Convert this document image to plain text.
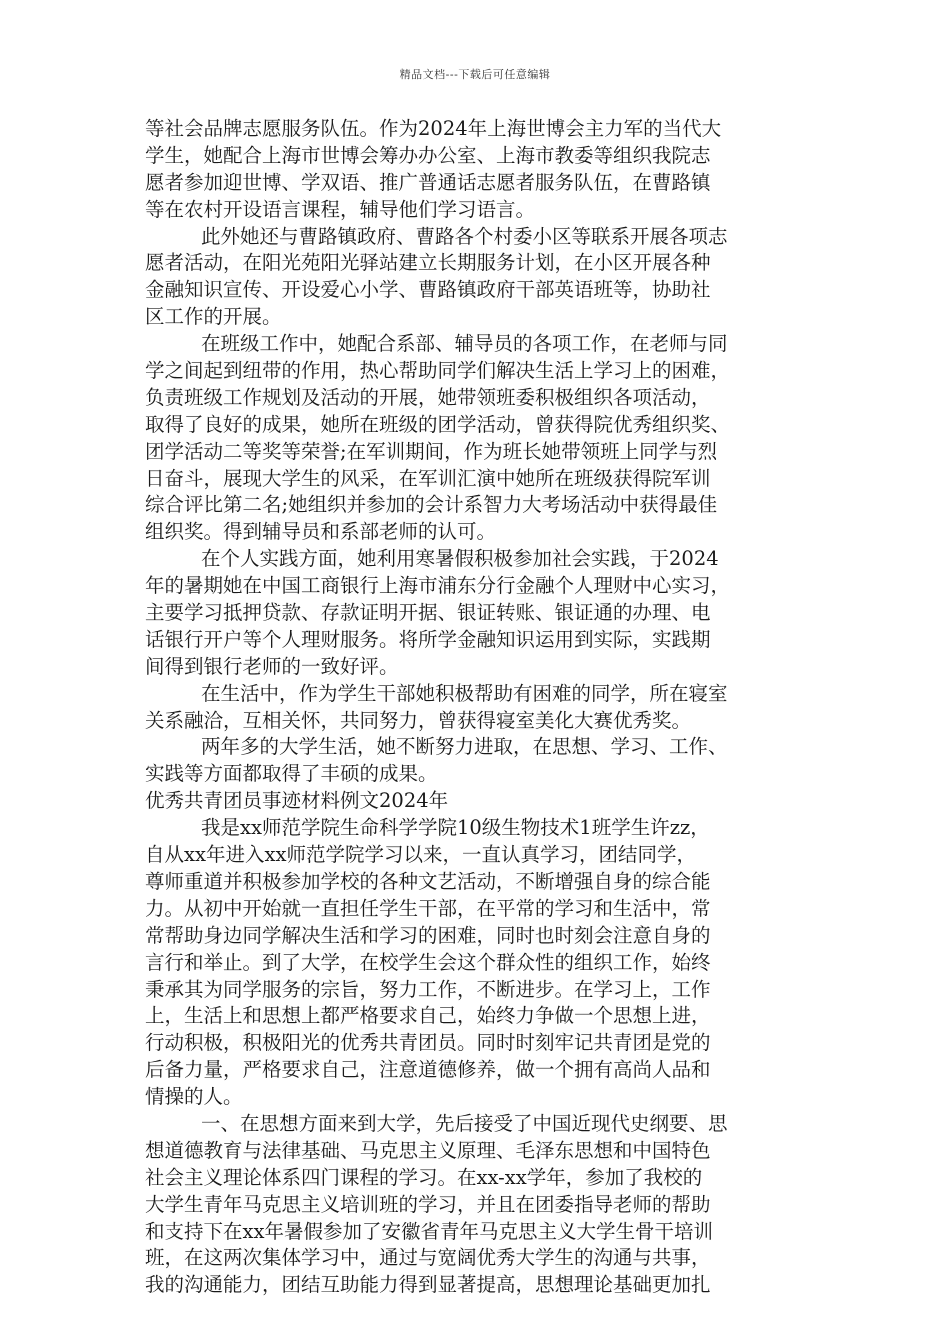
精品文档---下载后可任意编辑
等社会品牌志愿服务队伍。作为2024年上海世博会主力军的当代大
学生，她配合上海市世博会筹办办公室、上海市教委等组织我院志
愿者参加迎世博、学双语、推广普通话志愿者服务队伍，在曹路镇
等在农村开设语言课程，辅导他们学习语言。
此外她还与曹路镇政府、曹路各个村委小区等联系开展各项志
愿者活动，在阳光苑阳光驿站建立长期服务计划，在小区开展各种
金融知识宣传、开设爱心小学、曹路镇政府干部英语班等，协助社
区工作的开展。
在班级工作中，她配合系部、辅导员的各项工作，在老师与同
学之间起到纽带的作用，热心帮助同学们解决生活上学习上的困难，
负责班级工作规划及活动的开展，她带领班委积极组织各项活动，
取得了良好的成果，她所在班级的团学活动，曾获得院优秀组织奖、
团学活动二等奖等荣誉;在军训期间，作为班长她带领班上同学与烈
日奋斗，展现大学生的风采，在军训汇演中她所在班级获得院军训
综合评比第二名;她组织并参加的会计系智力大考场活动中获得最佳
组织奖。得到辅导员和系部老师的认可。
在个人实践方面，她利用寒暑假积极参加社会实践，于2024
年的暑期她在中国工商银行上海市浦东分行金融个人理财中心实习，
主要学习抵押贷款、存款证明开据、银证转账、银证通的办理、电
话银行开户等个人理财服务。将所学金融知识运用到实际，实践期
间得到银行老师的一致好评。
在生活中，作为学生干部她积极帮助有困难的同学，所在寝室
关系融洽，互相关怀，共同努力，曾获得寝室美化大赛优秀奖。
两年多的大学生活，她不断努力进取，在思想、学习、工作、
实践等方面都取得了丰硕的成果。
优秀共青团员事迹材料例文2024年
我是xx师范学院生命科学学院10级生物技术1班学生许zz，
自从xx年进入xx师范学院学习以来，一直认真学习，团结同学，
尊师重道并积极参加学校的各种文艺活动，不断增强自身的综合能
力。从初中开始就一直担任学生干部，在平常的学习和生活中，常
常帮助身边同学解决生活和学习的困难，同时也时刻会注意自身的
言行和举止。到了大学，在校学生会这个群众性的组织工作，始终
秉承其为同学服务的宗旨，努力工作，不断进步。在学习上，工作
上，生活上和思想上都严格要求自己，始终力争做一个思想上进，
行动积极，积极阳光的优秀共青团员。同时时刻牢记共青团是党的
后备力量，严格要求自己，注意道德修养，做一个拥有高尚人品和
情操的人。
一、在思想方面来到大学，先后接受了中国近现代史纲要、思
想道德教育与法律基础、马克思主义原理、毛泽东思想和中国特色
社会主义理论体系四门课程的学习。在xx-xx学年，参加了我校的
大学生青年马克思主义培训班的学习，并且在团委指导老师的帮助
和支持下在xx年暑假参加了安徽省青年马克思主义大学生骨干培训
班，在这两次集体学习中，通过与宽阔优秀大学生的沟通与共事，
我的沟通能力，团结互助能力得到显著提高，思想理论基础更加扎
